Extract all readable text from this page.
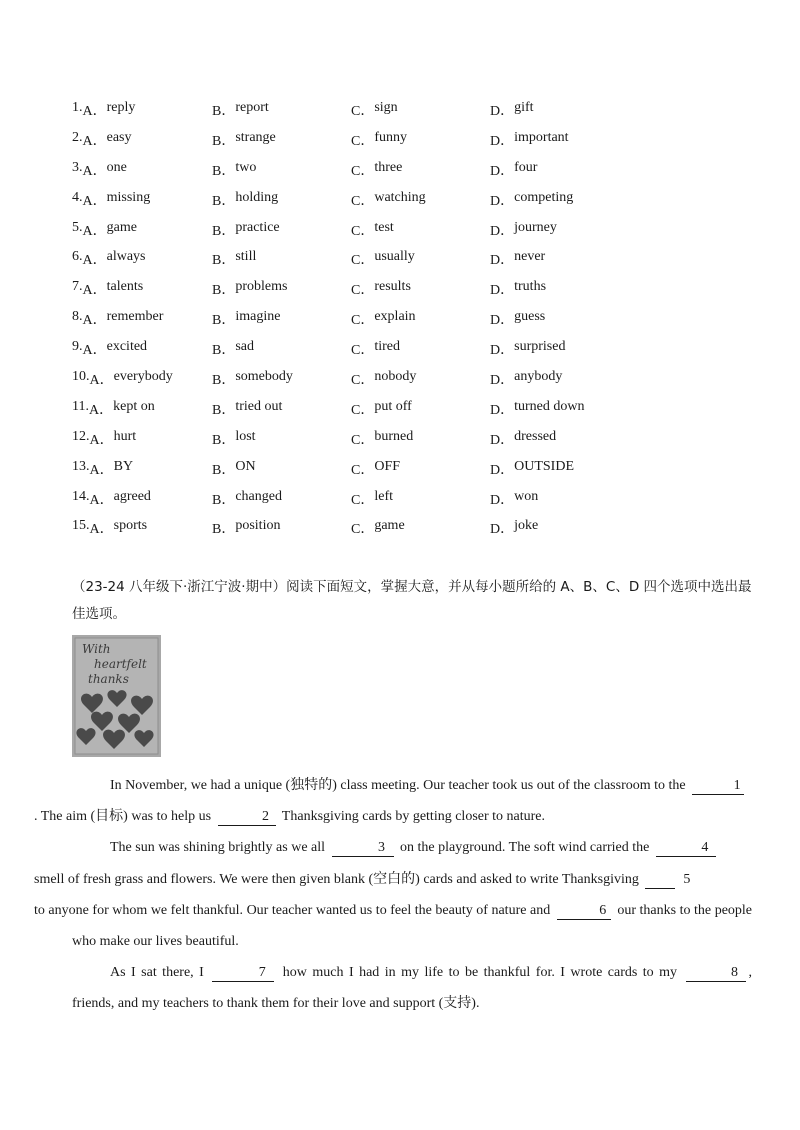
1. A． reply	B． report	C． sign	D． gift
2. A． easy	B． strange	C． funny	D． important
3. A． one	B． two	C． three	D． four
4. A． missing	B． holding	C． watching	D． competing
5. A． game	B． practice	C． test	D． journey
6. A． always	B． still	C． usually	D． never
7. A． talents	B． problems	C． results	D． truths
8. A． remember	B． imagine	C． explain	D． guess
9. A． excited	B． sad	C． tired	D． surprised
10. A． everybody	B． somebody	C． nobody	D． anybody
11. A． kept on	B． tried out	C． put off	D． turned down
12. A． hurt	B． lost	C． burned	D． dressed
13. A． BY	B． ON	C． OFF	D． OUTSIDE
14. A． agreed	B． changed	C． left	D． won
15. A． sports	B． position	C． game	D． joke
（23-24 八年级下·浙江宁波·期中）阅读下面短文，掌握大意，并从每小题所给的 A、B、C、D 四个选项中选出最佳选项。
With
heartfelt
thanks

In November, we had a unique (独特的) class meeting. Our teacher took us out of the classroom to the	1
. The aim (目标) was to help us	2 Thanksgiving cards by getting closer to nature.

The sun was shining brightly as we all	3 on the playground. The soft wind carried the	4
smell of fresh grass and flowers. We were then given blank (空白的) cards and asked to write Thanksgiving	5
to anyone for whom we felt thankful. Our teacher wanted us to feel the beauty of nature and	6 our thanks to the people who make our lives beautiful.

As I sat there, I	7 how much I had in my life to be thankful for. I wrote cards to my	8 , friends, and my teachers to thank them for their love and support (支持).
